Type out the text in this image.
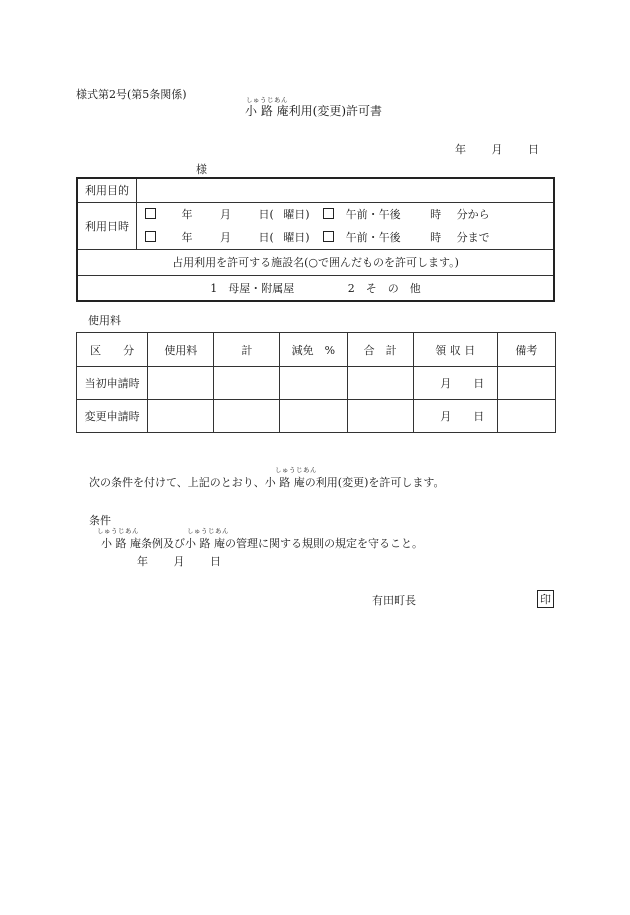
様式第2号(第5条関係)	しゅうじあん
小 路 庵利用(変更)許可書
年 月 日
様
利用目的	
利用日時	年 月 日( 曜日) 午前・午後 時 分から
年 月 日( 曜日) 午前・午後 時 分まで

占用利用を許可する施設名(○で囲んだものを許可します。)	
1　母屋・附属屋 2　そ　の　他	
使用料
区　　分	使用料	計	減免　%	合　計	領 収 日	備考
当初申請時					月 日	
変更申請時					月 日	
しゅうじあん
次の条件を付けて、上記のとおり、小 路 庵の利用(変更)を許可します。
条件
しゅうじあん	しゅうじあん
小 路 庵条例及び小 路 庵の管理に関する規則の規定を守ること。
年 月 日
有田町長	印
